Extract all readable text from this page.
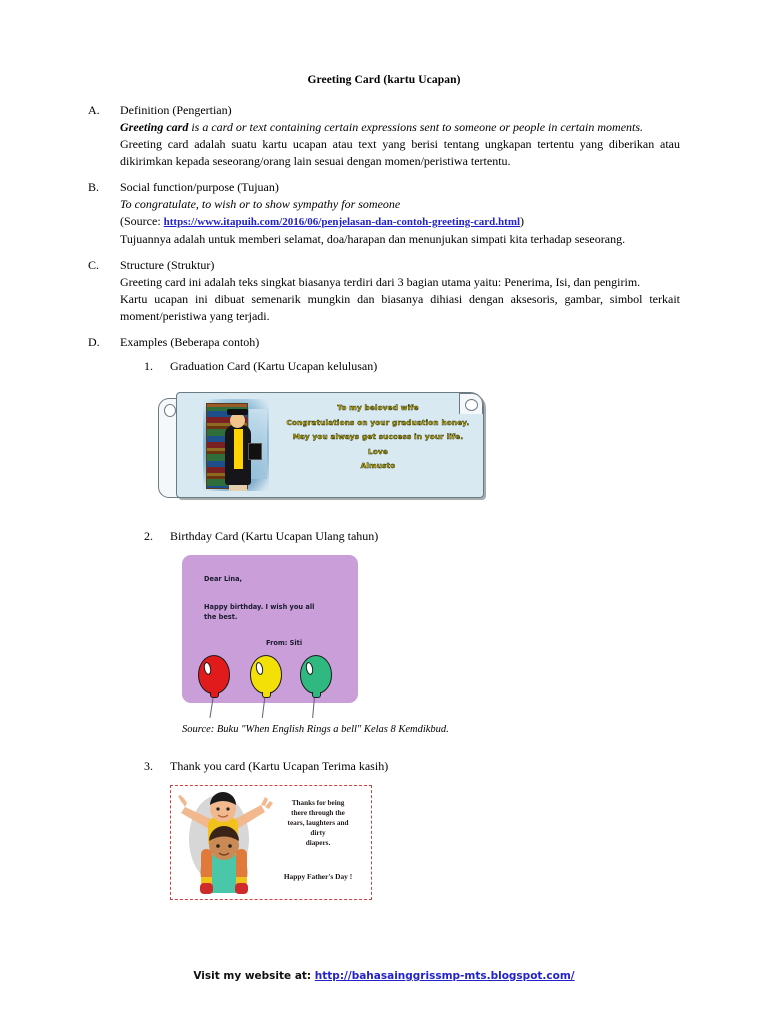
Greeting Card (kartu Ucapan)
A.	Definition (Pengertian)
Greeting card is a card or text containing certain expressions sent to someone or people in certain moments.
Greeting card adalah suatu kartu ucapan atau text yang berisi tentang ungkapan tertentu yang diberikan atau dikirimkan kepada seseorang/orang lain sesuai dengan momen/peristiwa tertentu.
B.	Social function/purpose (Tujuan)
To congratulate, to wish or to show sympathy for someone
(Source: https://www.itapuih.com/2016/06/penjelasan-dan-contoh-greeting-card.html)
Tujuannya adalah untuk memberi selamat, doa/harapan dan menunjukan simpati kita terhadap seseorang.
C.	Structure (Struktur)
Greeting card ini adalah teks singkat biasanya terdiri dari 3 bagian utama yaitu: Penerima, Isi, dan pengirim.
Kartu ucapan ini dibuat semenarik mungkin dan biasanya dihiasi dengan aksesoris, gambar, simbol terkait moment/peristiwa yang terjadi.
D.	Examples (Beberapa contoh)
1.	Graduation Card (Kartu Ucapan kelulusan)
To my beloved wife
Congratulations on your graduation honey.
May you always get success in your life.
Love
Almusto
2.	Birthday Card (Kartu Ucapan Ulang tahun)
Dear Lina,
Happy birthday. I wish you all the best.
From: Siti
Source: Buku "When English Rings a bell" Kelas 8 Kemdikbud.
3.	Thank you card (Kartu Ucapan Terima kasih)
Thanks for being
there through the
tears, laughters and
dirty
diapers.
Happy Father's Day !
Visit my website at: http://bahasainggrissmp-mts.blogspot.com/
